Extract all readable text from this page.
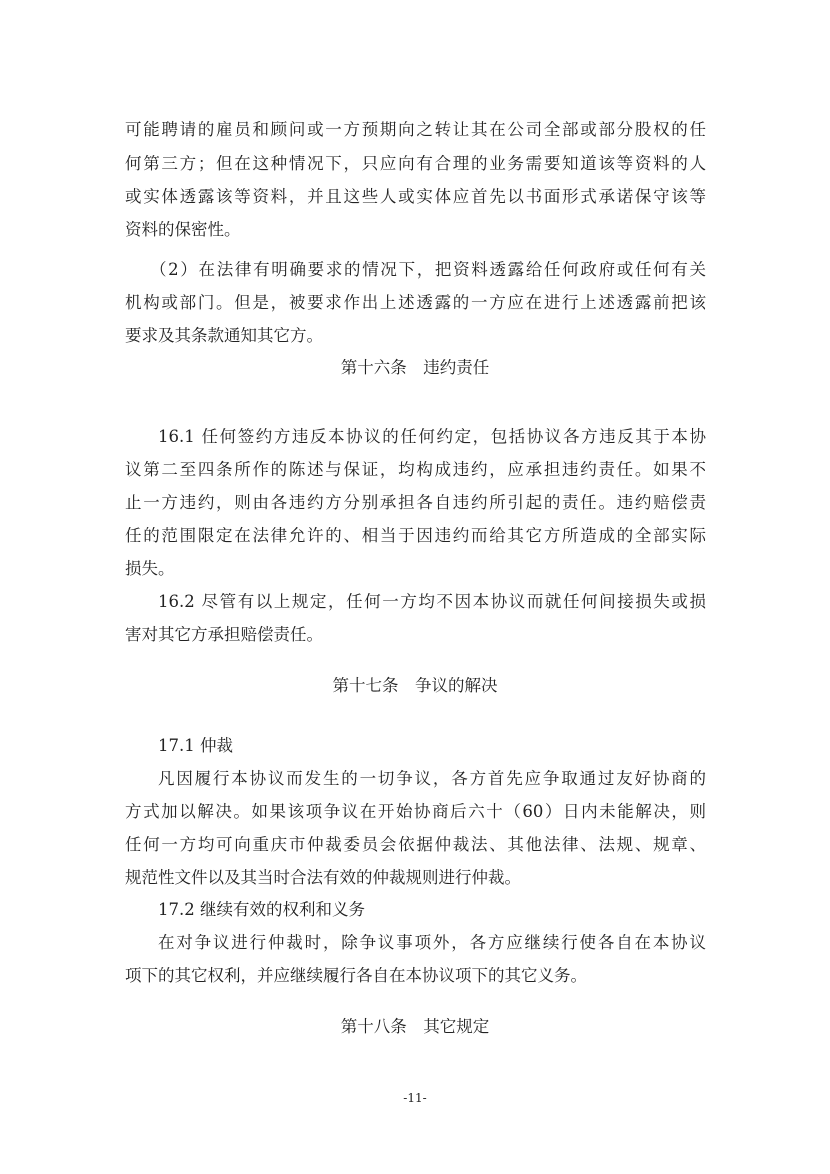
可能聘请的雇员和顾问或一方预期向之转让其在公司全部或部分股权的任
何第三方；但在这种情况下，只应向有合理的业务需要知道该等资料的人
或实体透露该等资料，并且这些人或实体应首先以书面形式承诺保守该等
资料的保密性。
（2）在法律有明确要求的情况下，把资料透露给任何政府或任何有关
机构或部门。但是，被要求作出上述透露的一方应在进行上述透露前把该
要求及其条款通知其它方。
第十六条　违约责任
16.1 任何签约方违反本协议的任何约定，包括协议各方违反其于本协
议第二至四条所作的陈述与保证，均构成违约，应承担违约责任。如果不
止一方违约，则由各违约方分别承担各自违约所引起的责任。违约赔偿责
任的范围限定在法律允许的、相当于因违约而给其它方所造成的全部实际
损失。
16.2 尽管有以上规定，任何一方均不因本协议而就任何间接损失或损
害对其它方承担赔偿责任。
第十七条　争议的解决
17.1 仲裁
凡因履行本协议而发生的一切争议，各方首先应争取通过友好协商的
方式加以解决。如果该项争议在开始协商后六十（60）日内未能解决，则
任何一方均可向重庆市仲裁委员会依据仲裁法、其他法律、法规、规章、
规范性文件以及其当时合法有效的仲裁规则进行仲裁。
17.2 继续有效的权利和义务
在对争议进行仲裁时，除争议事项外，各方应继续行使各自在本协议
项下的其它权利，并应继续履行各自在本协议项下的其它义务。
第十八条　其它规定
-11-
